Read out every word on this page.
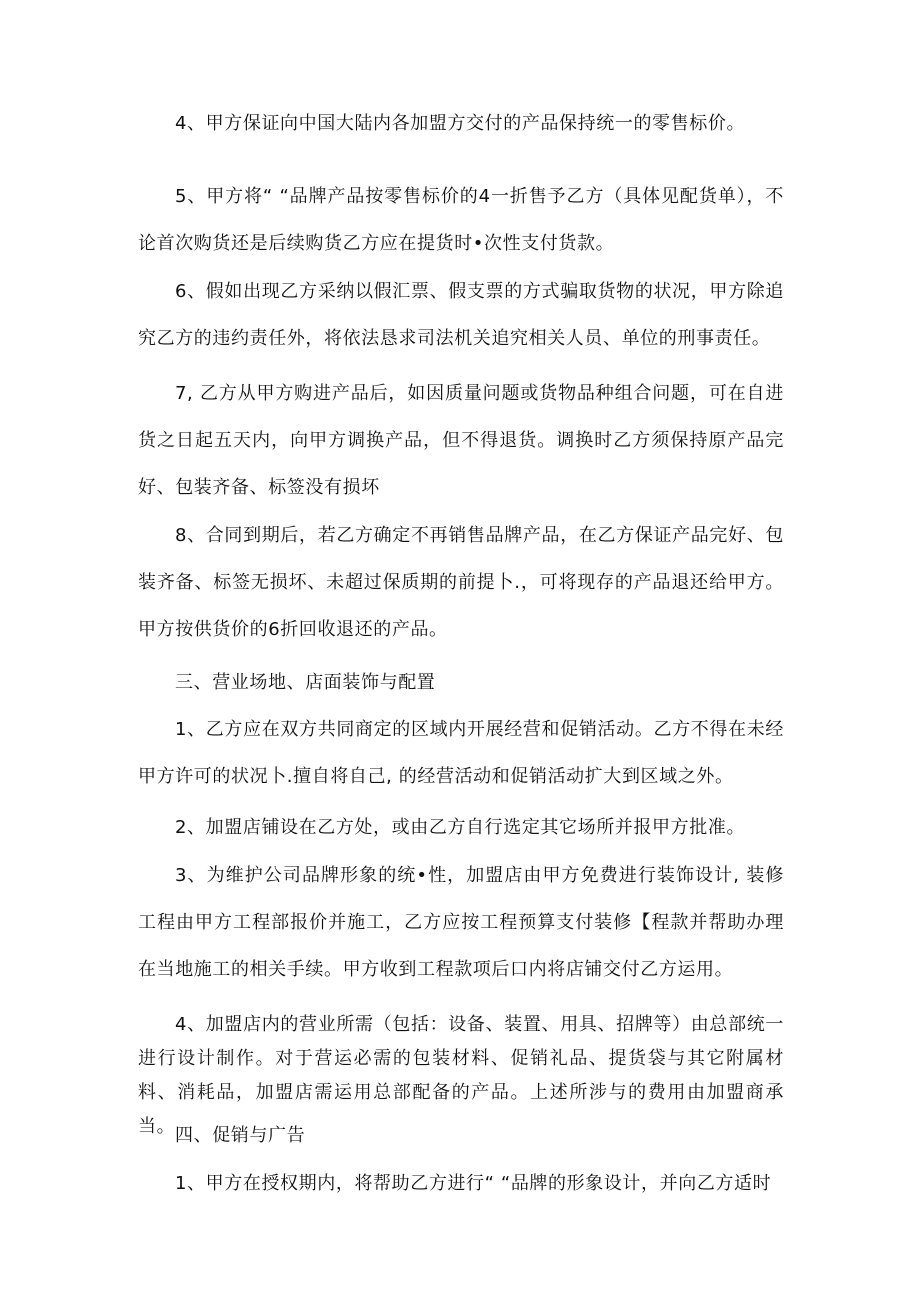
4、甲方保证向中国大陆内各加盟方交付的产品保持统一的零售标价。

5、甲方将“ “品牌产品按零售标价的4一折售予乙方（具体见配货单），不论首次购货还是后续购货乙方应在提货时•次性支付货款。

6、假如出现乙方采纳以假汇票、假支票的方式骗取货物的状况，甲方除追究乙方的违约责任外，将依法恳求司法机关追究相关人员、单位的刑事责任。

7, 乙方从甲方购进产品后，如因质量问题或货物品种组合问题，可在自进货之日起五天内，向甲方调换产品，但不得退货。调换时乙方须保持原产品完好、包装齐备、标签没有损坏

8、合同到期后，若乙方确定不再销售品牌产品，在乙方保证产品完好、包装齐备、标签无损坏、未超过保质期的前提卜.，可将现存的产品退还给甲方。甲方按供货价的6折回收退还的产品。

三、营业场地、店面装饰与配置

1、乙方应在双方共同商定的区域内开展经营和促销活动。乙方不得在未经甲方许可的状况卜.擅自将自己, 的经营活动和促销活动扩大到区域之外。

2、加盟店铺设在乙方处，或由乙方自行选定其它场所并报甲方批准。

3、为维护公司品牌形象的统•性，加盟店由甲方免费进行装饰设计, 装修工程由甲方工程部报价并施工，乙方应按工程预算支付装修【程款并帮助办理在当地施工的相关手续。甲方收到工程款项后口内将店铺交付乙方运用。

4、加盟店内的营业所需（包括：设备、装置、用具、招牌等）由总部统一进行设计制作。对于营运必需的包装材料、促销礼品、提货袋与其它附属材料、消耗品，加盟店需运用总部配备的产品。上述所涉与的费用由加盟商承当。 四、促销与广告

1、甲方在授权期内，将帮助乙方进行“ “品牌的形象设计，并向乙方适时
